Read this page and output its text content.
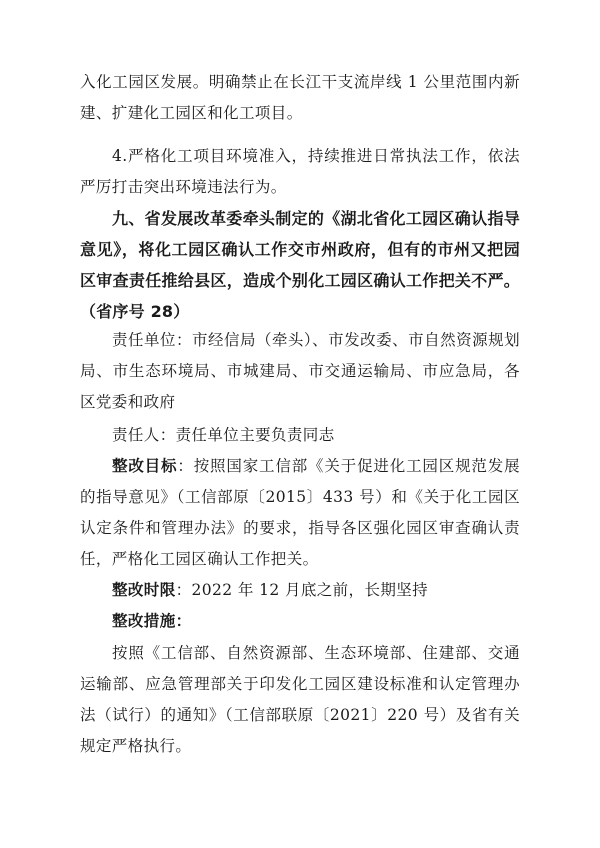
入化工园区发展。明确禁止在长江干支流岸线 1 公里范围内新建、扩建化工园区和化工项目。

4.严格化工项目环境准入，持续推进日常执法工作，依法严厉打击突出环境违法行为。

九、省发展改革委牵头制定的《湖北省化工园区确认指导意见》，将化工园区确认工作交市州政府，但有的市州又把园区审查责任推给县区，造成个别化工园区确认工作把关不严。（省序号 28）

责任单位：市经信局（牵头）、市发改委、市自然资源规划局、市生态环境局、市城建局、市交通运输局、市应急局，各区党委和政府

责任人：责任单位主要负责同志

整改目标：按照国家工信部《关于促进化工园区规范发展的指导意见》（工信部原〔2015〕433 号）和《关于化工园区认定条件和管理办法》的要求，指导各区强化园区审查确认责任，严格化工园区确认工作把关。

整改时限：2022 年 12 月底之前，长期坚持

整改措施：

按照《工信部、自然资源部、生态环境部、住建部、交通运输部、应急管理部关于印发化工园区建设标准和认定管理办法（试行）的通知》（工信部联原〔2021〕220 号）及省有关规定严格执行。
